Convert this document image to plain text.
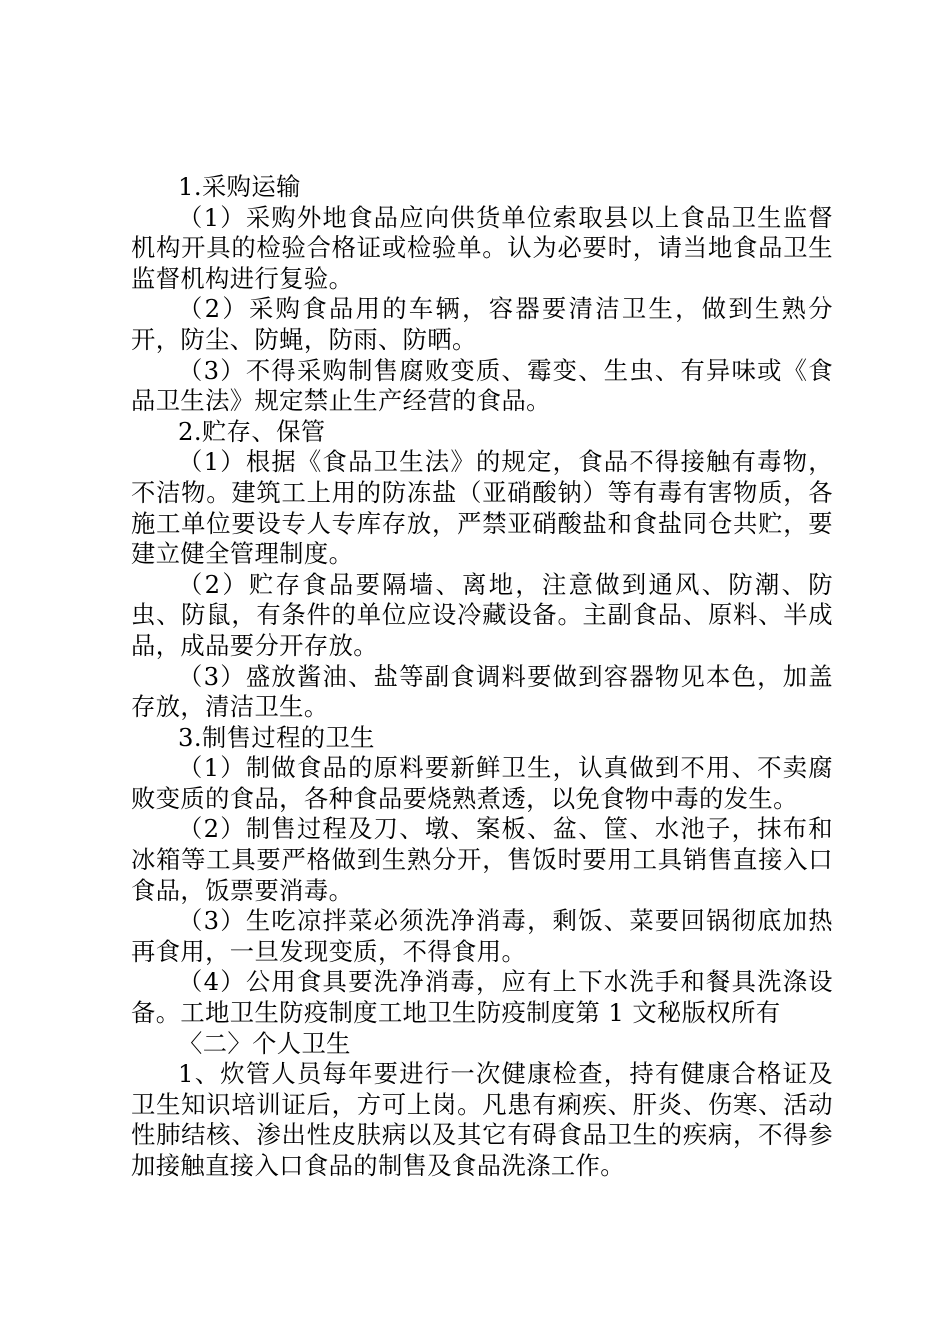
1.采购运输

（1）采购外地食品应向供货单位索取县以上食品卫生监督机构开具的检验合格证或检验单。认为必要时，请当地食品卫生监督机构进行复验。

（2）采购食品用的车辆，容器要清洁卫生，做到生熟分开，防尘、防蝇，防雨、防晒。

（3）不得采购制售腐败变质、霉变、生虫、有异味或《食品卫生法》规定禁止生产经营的食品。

2.贮存、保管

（1）根据《食品卫生法》的规定，食品不得接触有毒物，不洁物。建筑工上用的防冻盐（亚硝酸钠）等有毒有害物质，各施工单位要设专人专库存放，严禁亚硝酸盐和食盐同仓共贮，要建立健全管理制度。

（2）贮存食品要隔墙、离地，注意做到通风、防潮、防虫、防鼠，有条件的单位应设冷藏设备。主副食品、原料、半成品，成品要分开存放。

（3）盛放酱油、盐等副食调料要做到容器物见本色，加盖存放，清洁卫生。

3.制售过程的卫生

（1）制做食品的原料要新鲜卫生，认真做到不用、不卖腐败变质的食品，各种食品要烧熟煮透，以免食物中毒的发生。

（2）制售过程及刀、墩、案板、盆、筐、水池子，抹布和冰箱等工具要严格做到生熟分开，售饭时要用工具销售直接入口食品，饭票要消毒。

（3）生吃凉拌菜必须洗净消毒，剩饭、菜要回锅彻底加热再食用，一旦发现变质，不得食用。

（4）公用食具要洗净消毒，应有上下水洗手和餐具洗涤设备。工地卫生防疫制度工地卫生防疫制度第 1 文秘版权所有

〈二〉个人卫生

1、炊管人员每年要进行一次健康检查，持有健康合格证及卫生知识培训证后，方可上岗。凡患有痢疾、肝炎、伤寒、活动性肺结核、渗出性皮肤病以及其它有碍食品卫生的疾病，不得参加接触直接入口食品的制售及食品洗涤工作。
